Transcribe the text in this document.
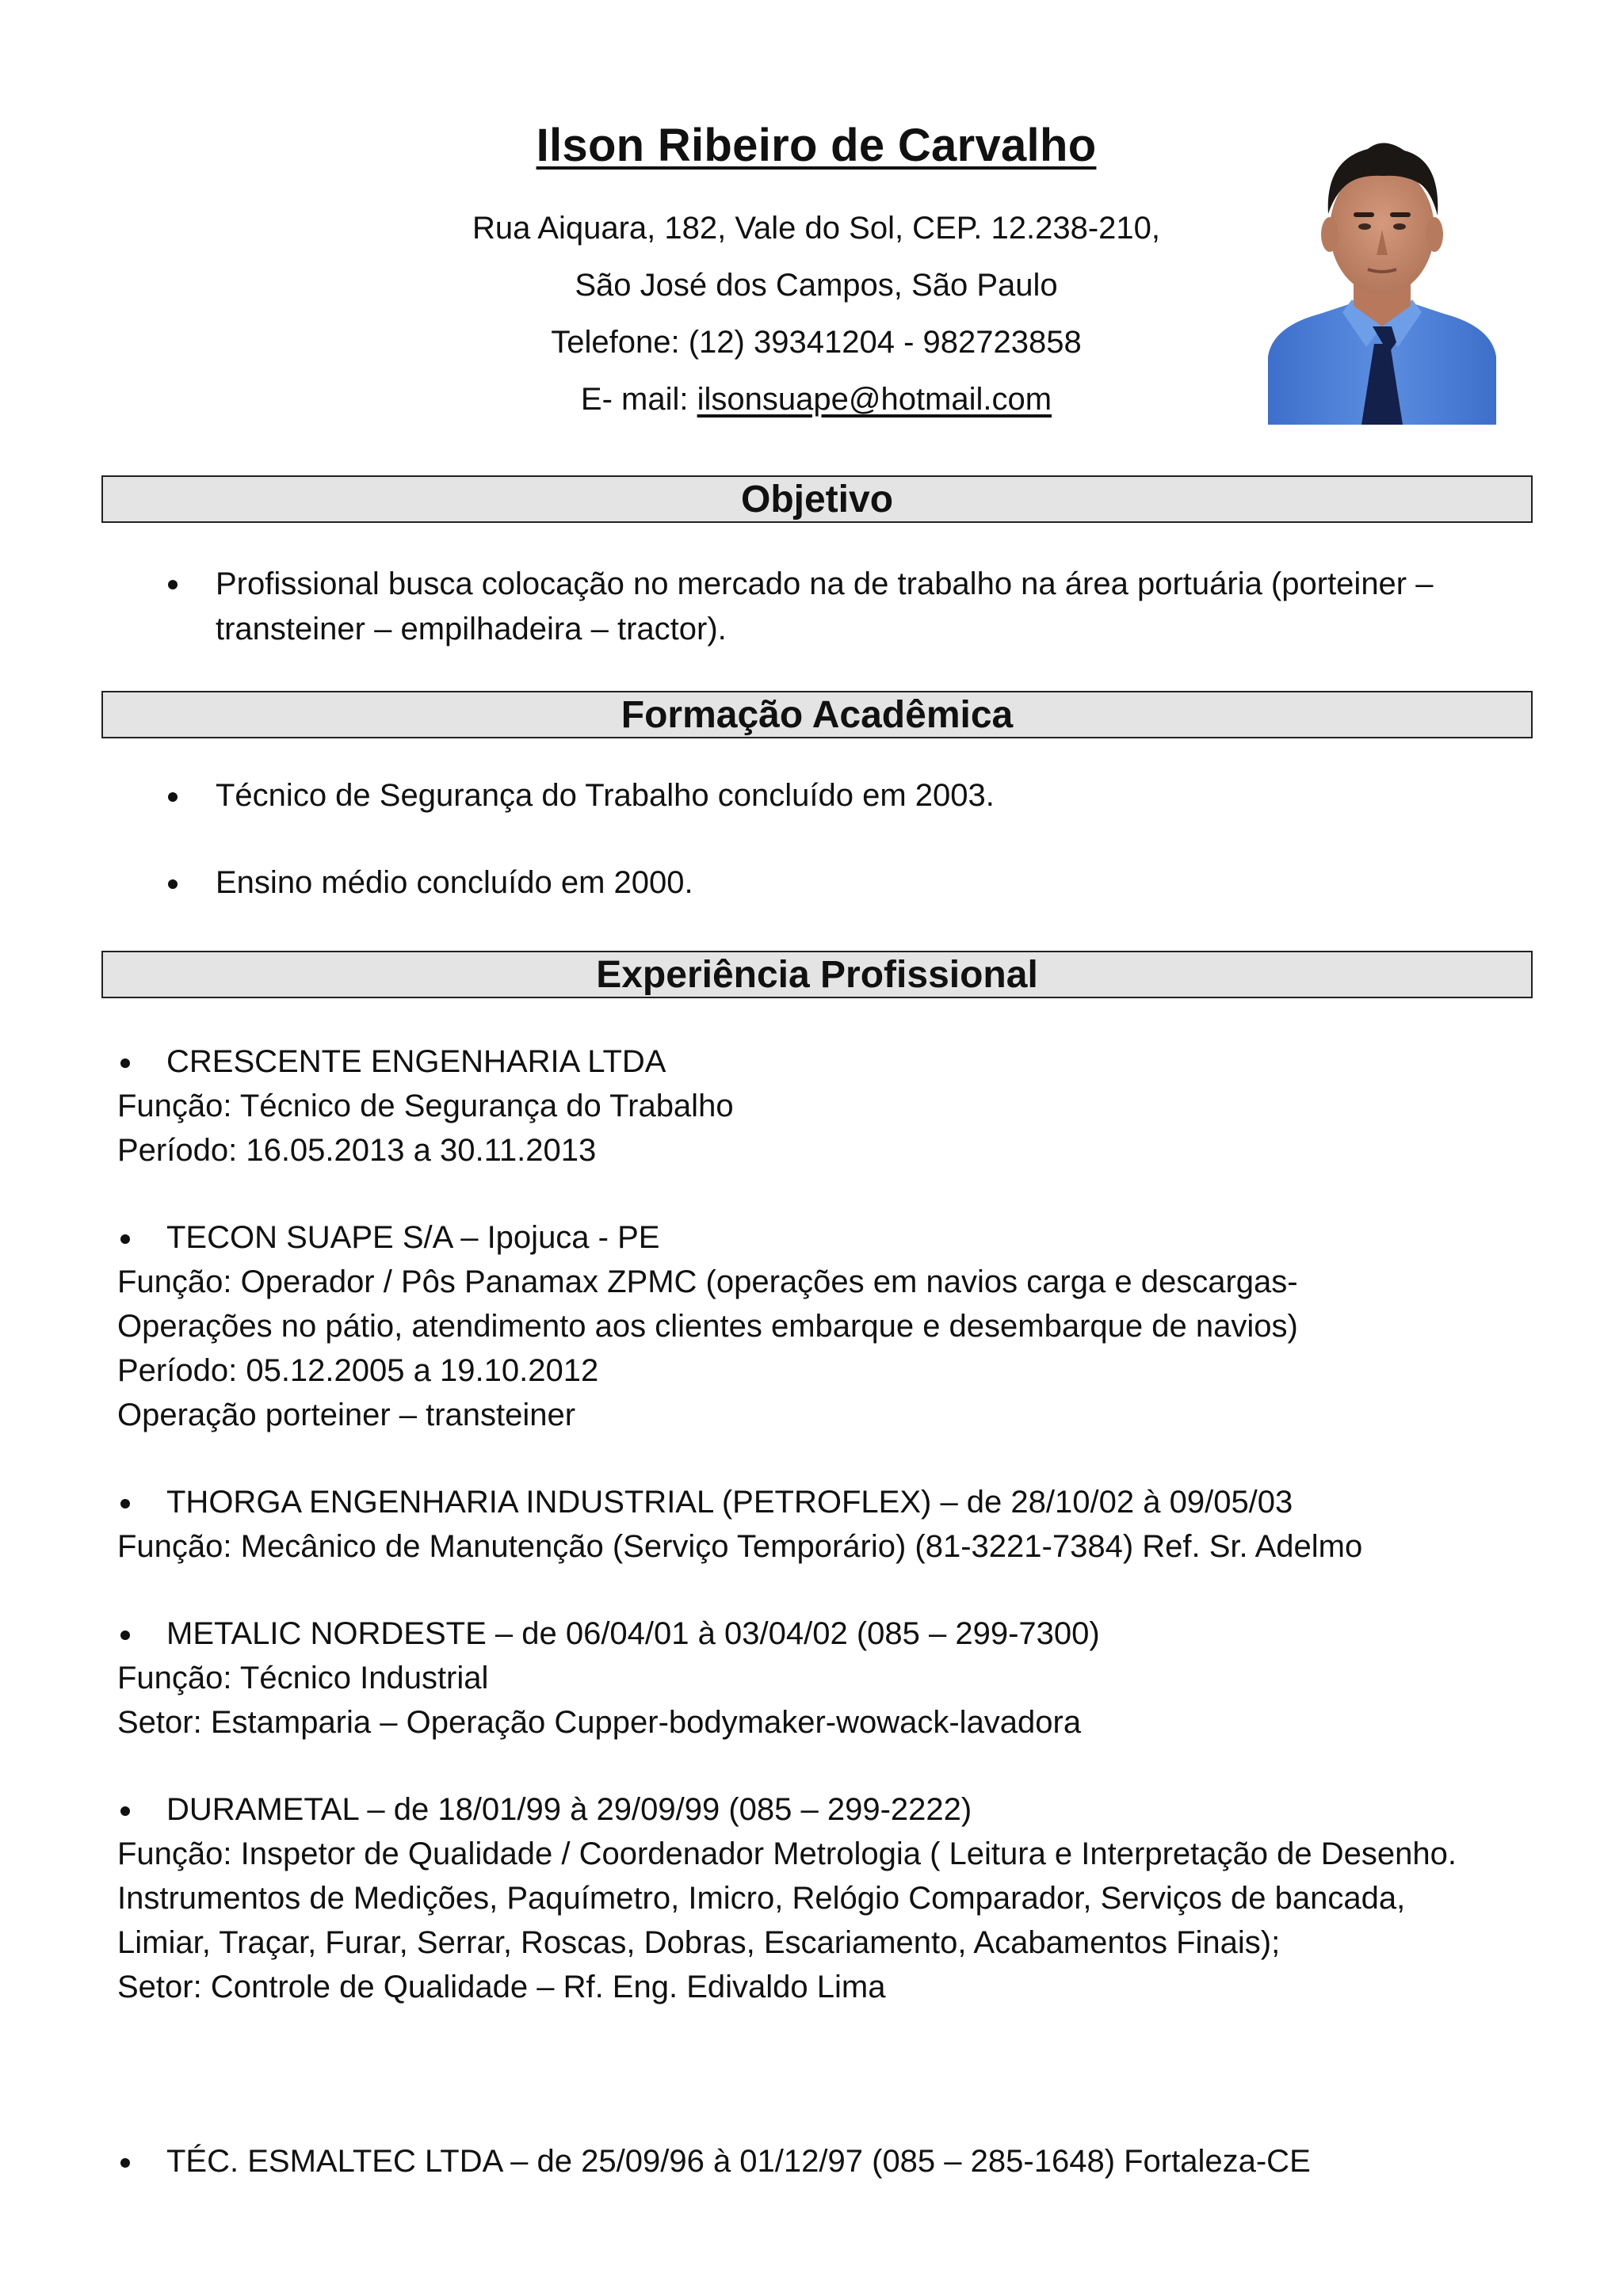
Ilson Ribeiro de Carvalho
Rua Aiquara, 182, Vale do Sol, CEP. 12.238-210,
São José dos Campos, São Paulo
Telefone: (12) 39341204 - 982723858
E- mail: ilsonsuape@hotmail.com
Objetivo
Profissional busca colocação no mercado na de trabalho na área portuária (porteiner –
transteiner – empilhadeira – tractor).
Formação Acadêmica
Técnico de Segurança do Trabalho concluído em 2003.
Ensino médio concluído em 2000.
Experiência Profissional
CRESCENTE ENGENHARIA LTDA
Função: Técnico de Segurança do Trabalho
Período: 16.05.2013 a 30.11.2013
TECON SUAPE S/A – Ipojuca - PE
Função: Operador / Pôs Panamax ZPMC (operações em navios carga e descargas-
Operações no pátio, atendimento aos clientes embarque e desembarque de navios)
Período: 05.12.2005 a 19.10.2012
Operação porteiner – transteiner
THORGA ENGENHARIA INDUSTRIAL (PETROFLEX) – de 28/10/02 à 09/05/03
Função: Mecânico de Manutenção (Serviço Temporário) (81-3221-7384) Ref. Sr. Adelmo
METALIC NORDESTE – de 06/04/01 à 03/04/02 (085 – 299-7300)
Função: Técnico Industrial
Setor: Estamparia – Operação Cupper-bodymaker-wowack-lavadora
DURAMETAL – de 18/01/99 à 29/09/99 (085 – 299-2222)
Função: Inspetor de Qualidade / Coordenador Metrologia ( Leitura e Interpretação de Desenho.
Instrumentos de Medições, Paquímetro, Imicro, Relógio Comparador, Serviços de bancada,
Limiar, Traçar, Furar, Serrar, Roscas, Dobras, Escariamento, Acabamentos Finais);
Setor: Controle de Qualidade – Rf. Eng. Edivaldo Lima
TÉC. ESMALTEC LTDA – de 25/09/96 à 01/12/97 (085 – 285-1648) Fortaleza-CE
